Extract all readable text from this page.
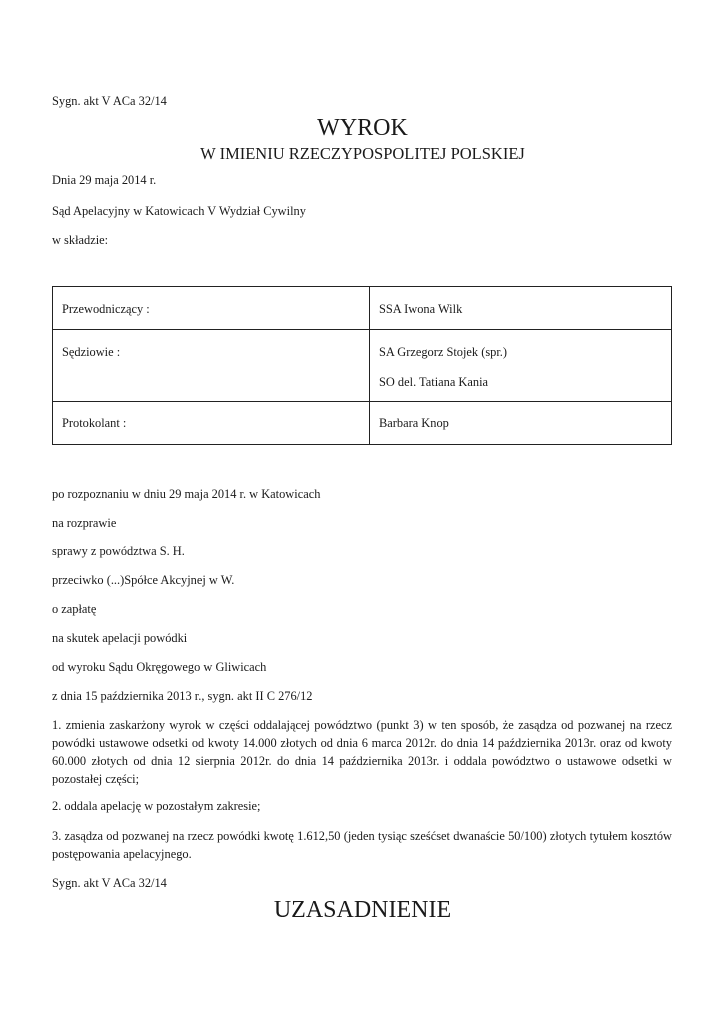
Sygn. akt V ACa 32/14
WYROK
W IMIENIU RZECZYPOSPOLITEJ POLSKIEJ
Dnia 29 maja 2014 r.
Sąd Apelacyjny w Katowicach V Wydział Cywilny
w składzie:
Przewodniczący :	SSA Iwona Wilk

Sędziowie :	SA Grzegorz Stojek (spr.)
SO del. Tatiana Kania

Protokolant :	Barbara Knop
po rozpoznaniu w dniu 29 maja 2014 r. w Katowicach
na rozprawie
sprawy z powództwa S. H.
przeciwko (...)Spółce Akcyjnej w W.
o zapłatę
na skutek apelacji powódki
od wyroku Sądu Okręgowego w Gliwicach
z dnia 15 października 2013 r., sygn. akt II C 276/12
1. zmienia zaskarżony wyrok w części oddalającej powództwo (punkt 3) w ten sposób, że zasądza od pozwanej na rzecz powódki ustawowe odsetki od kwoty 14.000 złotych od dnia 6 marca 2012r. do dnia 14 października 2013r. oraz od kwoty 60.000 złotych od dnia 12 sierpnia 2012r. do dnia 14 października 2013r. i oddala powództwo o ustawowe odsetki w pozostałej części;
2. oddala apelację w pozostałym zakresie;
3. zasądza od pozwanej na rzecz powódki kwotę 1.612,50 (jeden tysiąc sześćset dwanaście 50/100) złotych tytułem kosztów postępowania apelacyjnego.
Sygn. akt V ACa 32/14
UZASADNIENIE
